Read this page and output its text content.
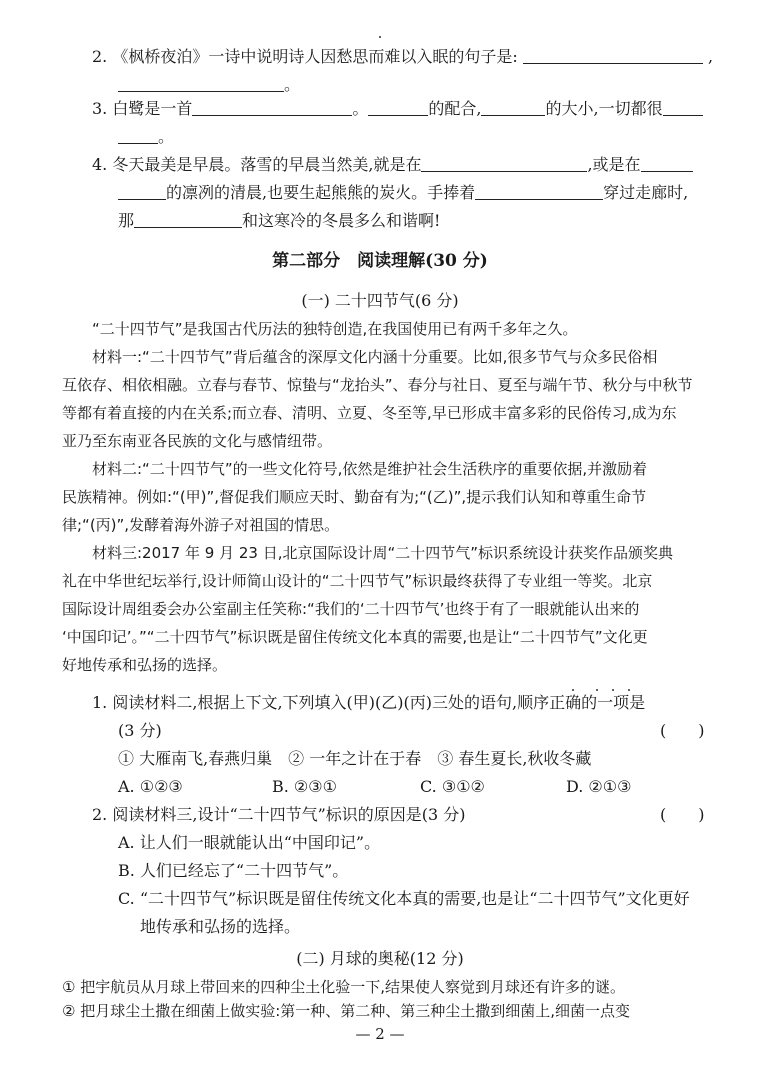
2. 《枫桥夜泊》一诗中说明诗人因愁思而难以入眠的句子是:	,
。
3. 白鹭是一首	。	的配合,	的大小,一切都很
。
4. 冬天最美是早晨。落雪的早晨当然美,就是在	,或是在
的凛冽的清晨,也要生起熊熊的炭火。手捧着	穿过走廊时,
那	和这寒冷的冬晨多么和谐啊!
第二部分　阅读理解(30 分)
(一) 二十四节气(6 分)
“二十四节气”是我国古代历法的独特创造,在我国使用已有两千多年之久。
材料一:“二十四节气”背后蕴含的深厚文化内涵十分重要。比如,很多节气与众多民俗相
互依存、相依相融。立春与春节、惊蛰与“龙抬头”、春分与社日、夏至与端午节、秋分与中秋节
等都有着直接的内在关系;而立春、清明、立夏、冬至等,早已形成丰富多彩的民俗传习,成为东
亚乃至东南亚各民族的文化与感情纽带。
材料二:“二十四节气”的一些文化符号,依然是维护社会生活秩序的重要依据,并激励着
民族精神。例如:“(甲)”,督促我们顺应天时、勤奋有为;“(乙)”,提示我们认知和尊重生命节
律;“(丙)”,发酵着海外游子对祖国的情思。
材料三:2017 年 9 月 23 日,北京国际设计周“二十四节气”标识系统设计获奖作品颁奖典
礼在中华世纪坛举行,设计师简山设计的“二十四节气”标识最终获得了专业组一等奖。北京
国际设计周组委会办公室副主任笑称:“我们的‘二十四节气’也终于有了一眼就能认出来的
‘中国印记’。”“二十四节气”标识既是留住传统文化本真的需要,也是让“二十四节气”文化更
好地传承和弘扬的选择。
1. 阅读材料二,根据上下文,下列填入(甲)(乙)(丙)三处的语句,顺序正确的一项是
(3 分)	(　　)
① 大雁南飞,春燕归巢　② 一年之计在于春　③ 春生夏长,秋收冬藏
A. ①②③	B. ②③①	C. ③①②	D. ②①③
2. 阅读材料三,设计“二十四节气”标识的原因是(3 分)	(　　)
A. 让人们一眼就能认出“中国印记”。
B. 人们已经忘了“二十四节气”。
C. “二十四节气”标识既是留住传统文化本真的需要,也是让“二十四节气”文化更好
地传承和弘扬的选择。
(二) 月球的奥秘(12 分)
① 把宇航员从月球上带回来的四种尘土化验一下,结果使人察觉到月球还有许多的谜。
② 把月球尘土撒在细菌上做实验:第一种、第二种、第三种尘土撒到细菌上,细菌一点变
— 2 —
